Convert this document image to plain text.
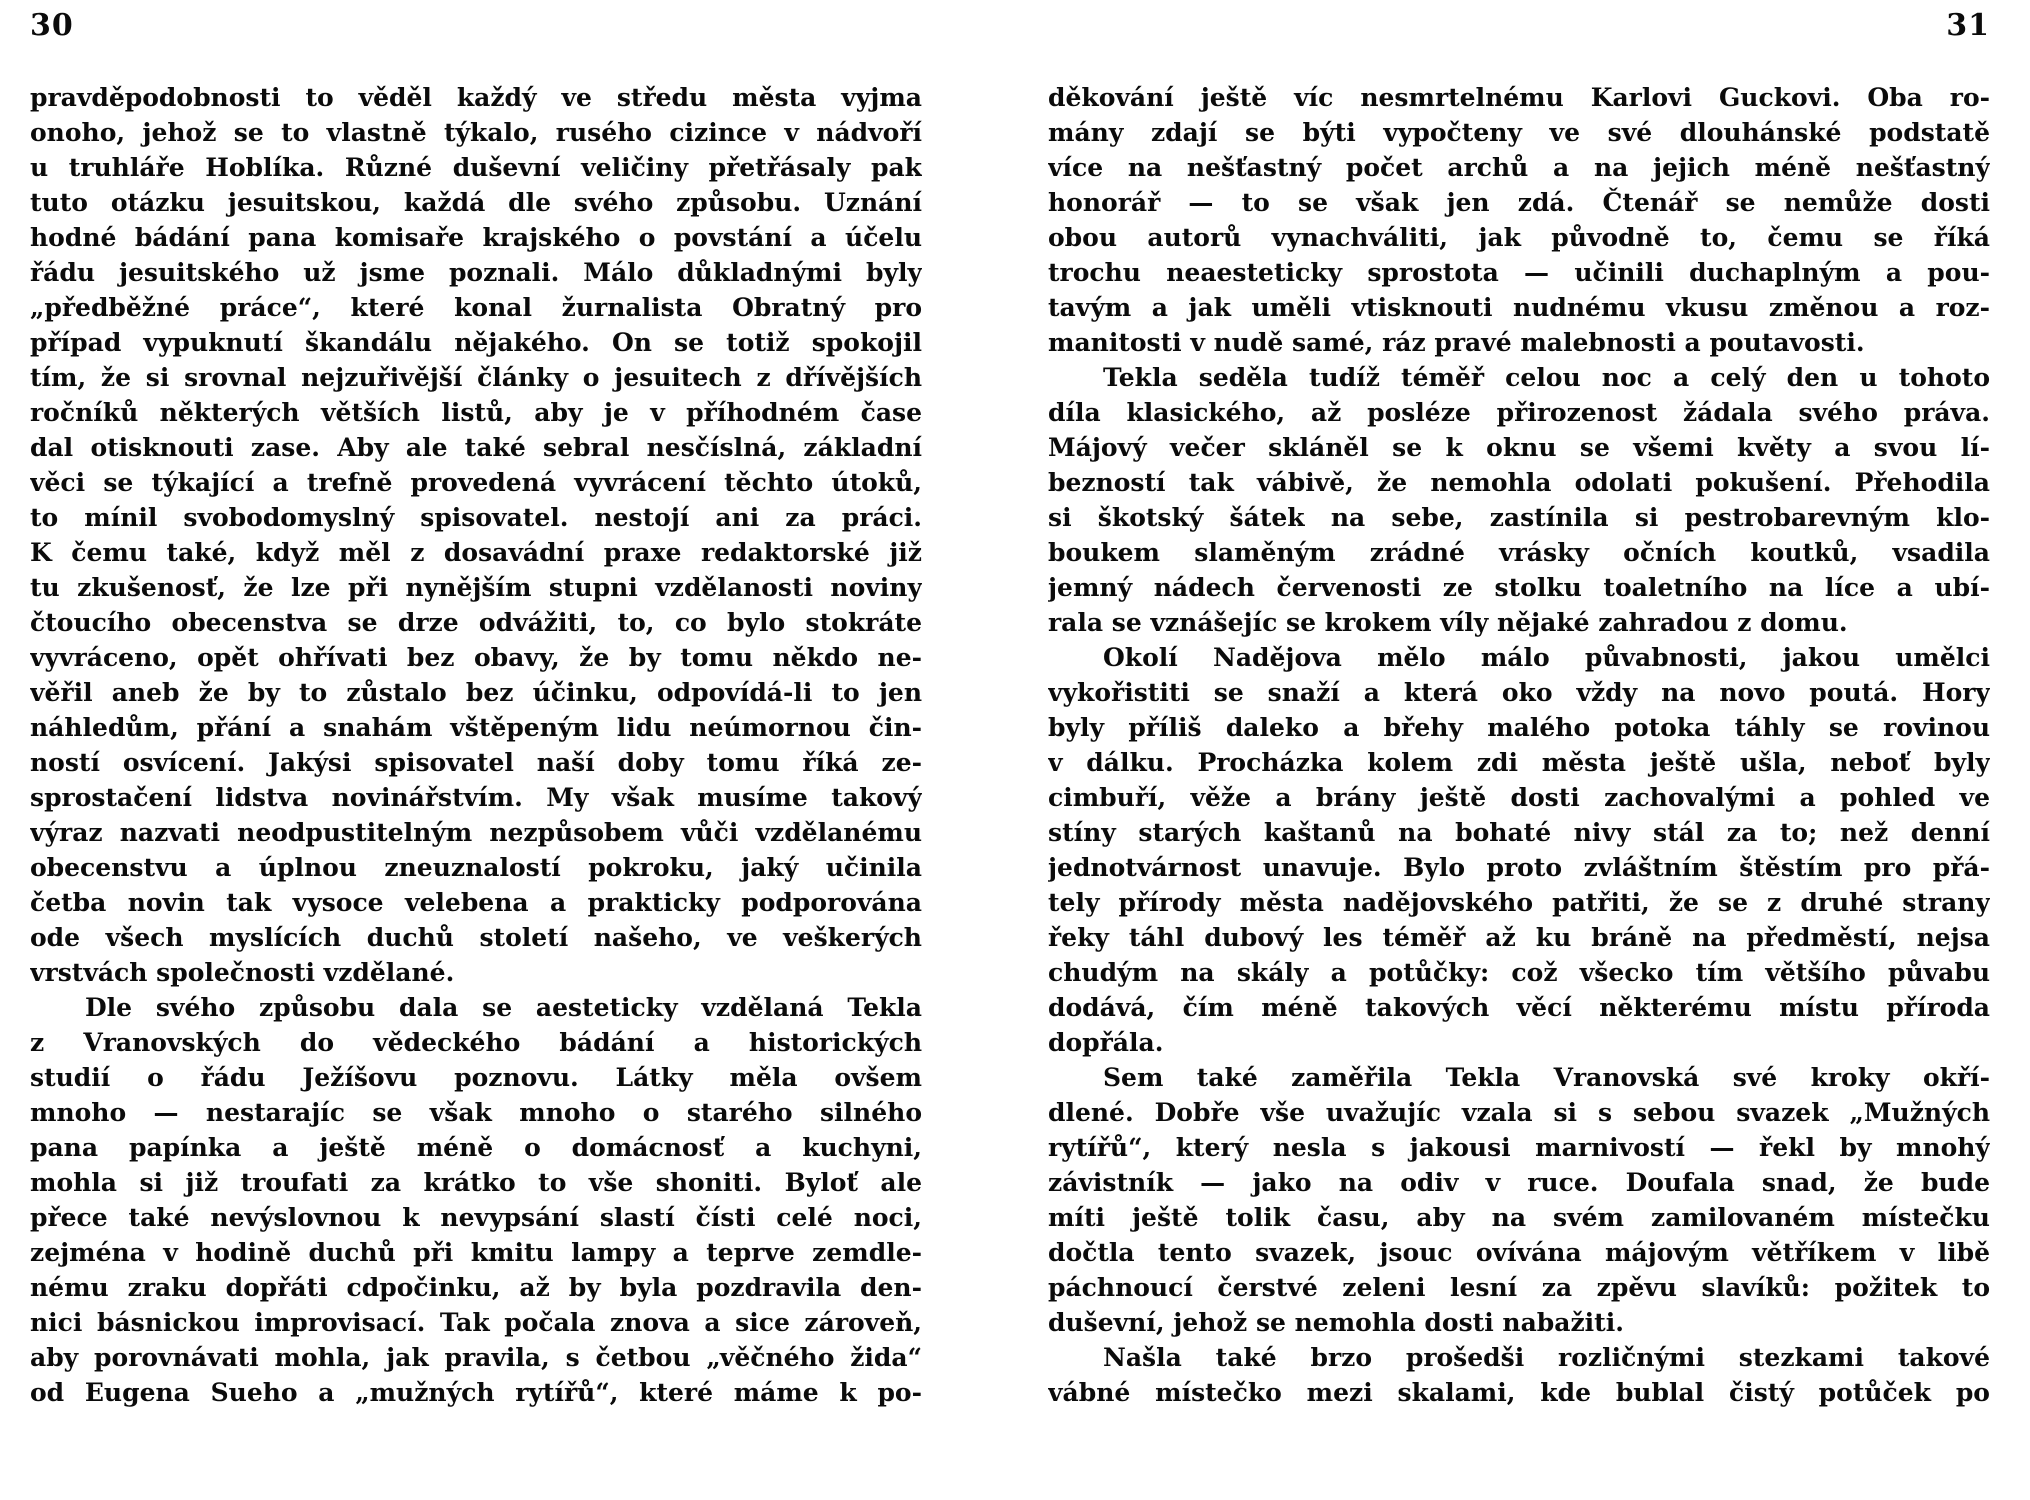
30	31
pravděpodobnosti to věděl každý ve středu města vyjma
onoho, jehož se to vlastně týkalo, rusého cizince v nádvoří
u truhláře Hoblíka. Různé duševní veličiny přetřásaly pak
tuto otázku jesuitskou, každá dle svého způsobu. Uznání
hodné bádání pana komisaře krajského o povstání a účelu
řádu jesuitského už jsme poznali. Málo důkladnými byly
„předběžné práce“, které konal žurnalista Obratný pro
případ vypuknutí škandálu nějakého. On se totiž spokojil
tím, že si srovnal nejzuřivější články o jesuitech z dřívějších
ročníků některých větších listů, aby je v příhodném čase
dal otisknouti zase. Aby ale také sebral nesčíslná, základní
věci se týkající a trefně provedená vyvrácení těchto útoků,
to mínil svobodomyslný spisovatel. nestojí ani za práci.
K čemu také, když měl z dosavádní praxe redaktorské již
tu zkušenosť, že lze při nynějším stupni vzdělanosti noviny
čtoucího obecenstva se drze odvážiti, to, co bylo stokráte
vyvráceno, opět ohřívati bez obavy, že by tomu někdo ne-
věřil aneb že by to zůstalo bez účinku, odpovídá-li to jen
náhledům, přání a snahám vštěpeným lidu neúmornou čin-
ností osvícení. Jakýsi spisovatel naší doby tomu říká ze-
sprostačení lidstva novinářstvím. My však musíme takový
výraz nazvati neodpustitelným nezpůsobem vůči vzdělanému
obecenstvu a úplnou zneuznalostí pokroku, jaký učinila
četba novin tak vysoce velebena a prakticky podporována
ode všech myslících duchů století našeho, ve veškerých
vrstvách společnosti vzdělané.
Dle svého způsobu dala se aesteticky vzdělaná Tekla
z Vranovských do vědeckého bádání a historických
studií o řádu Ježíšovu poznovu. Látky měla ovšem
mnoho — nestarajíc se však mnoho o starého silného
pana papínka a ještě méně o domácnosť a kuchyni,
mohla si již troufati za krátko to vše shoniti. Byloť ale
přece také nevýslovnou k nevypsání slastí čísti celé noci,
zejména v hodině duchů při kmitu lampy a teprve zemdle-
nému zraku dopřáti cdpočinku, až by byla pozdravila den-
nici básnickou improvisací. Tak počala znova a sice zároveň,
aby porovnávati mohla, jak pravila, s četbou „věčného žida“
od Eugena Sueho a „mužných rytířů“, které máme k po-
děkování ještě víc nesmrtelnému Karlovi Guckovi. Oba ro-
mány zdají se býti vypočteny ve své dlouhánské podstatě
více na nešťastný počet archů a na jejich méně nešťastný
honorář — to se však jen zdá. Čtenář se nemůže dosti
obou autorů vynachváliti, jak původně to, čemu se říká
trochu neaesteticky sprostota — učinili duchaplným a pou-
tavým a jak uměli vtisknouti nudnému vkusu změnou a roz-
manitosti v nudě samé, ráz pravé malebnosti a poutavosti.
Tekla seděla tudíž téměř celou noc a celý den u tohoto
díla klasického, až posléze přirozenost žádala svého práva.
Májový večer skláněl se k oknu se všemi květy a svou lí-
bezností tak vábivě, že nemohla odolati pokušení. Přehodila
si škotský šátek na sebe, zastínila si pestrobarevným klo-
boukem slaměným zrádné vrásky očních koutků, vsadila
jemný nádech červenosti ze stolku toaletního na líce a ubí-
rala se vznášejíc se krokem víly nějaké zahradou z domu.
Okolí Nadějova mělo málo půvabnosti, jakou umělci
vykořistiti se snaží a která oko vždy na novo poutá. Hory
byly příliš daleko a břehy malého potoka táhly se rovinou
v dálku. Procházka kolem zdi města ještě ušla, neboť byly
cimbuří, věže a brány ještě dosti zachovalými a pohled ve
stíny starých kaštanů na bohaté nivy stál za to; než denní
jednotvárnost unavuje. Bylo proto zvláštním štěstím pro přá-
tely přírody města nadějovského patřiti, že se z druhé strany
řeky táhl dubový les téměř až ku bráně na předměstí, nejsa
chudým na skály a potůčky: což všecko tím většího půvabu
dodává, čím méně takových věcí některému místu příroda
dopřála.
Sem také zaměřila Tekla Vranovská své kroky okří-
dlené. Dobře vše uvažujíc vzala si s sebou svazek „Mužných
rytířů“, který nesla s jakousi marnivostí — řekl by mnohý
závistník — jako na odiv v ruce. Doufala snad, že bude
míti ještě tolik času, aby na svém zamilovaném místečku
dočtla tento svazek, jsouc ovívána májovým větříkem v libě
páchnoucí čerstvé zeleni lesní za zpěvu slavíků: požitek to
duševní, jehož se nemohla dosti nabažiti.
Našla také brzo prošedši rozličnými stezkami takové
vábné místečko mezi skalami, kde bublal čistý potůček po
